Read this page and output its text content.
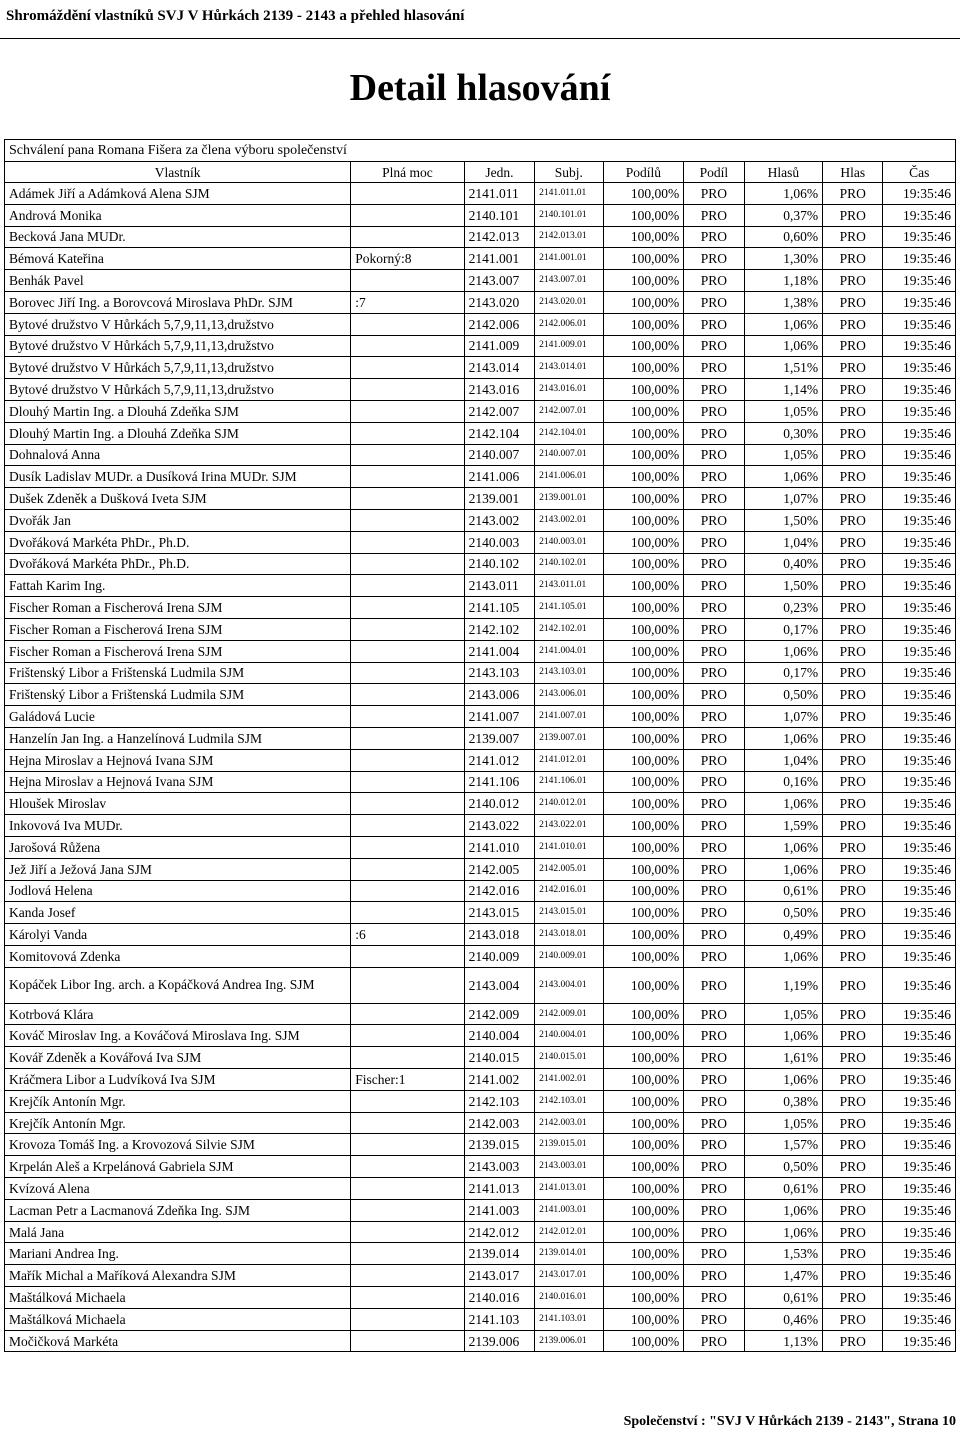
Shromáždění vlastníků SVJ V Hůrkách 2139 - 2143 a přehled hlasování
Detail hlasování
Schválení pana Romana Fišera za člena výboru společenství
Vlastník	Plná moc	Jedn.	Subj.	Podílů	Podíl	Hlasů	Hlas	Čas
Adámek Jiří a Adámková Alena SJM		2141.011	2141.011.01	100,00%	PRO	1,06%	PRO	19:35:46
Andrová Monika		2140.101	2140.101.01	100,00%	PRO	0,37%	PRO	19:35:46
Becková Jana MUDr.		2142.013	2142.013.01	100,00%	PRO	0,60%	PRO	19:35:46
Bémová Kateřina	Pokorný:8	2141.001	2141.001.01	100,00%	PRO	1,30%	PRO	19:35:46
Benhák Pavel		2143.007	2143.007.01	100,00%	PRO	1,18%	PRO	19:35:46
Borovec Jiří Ing. a Borovcová Miroslava PhDr. SJM	:7	2143.020	2143.020.01	100,00%	PRO	1,38%	PRO	19:35:46
Bytové družstvo V Hůrkách 5,7,9,11,13,družstvo		2142.006	2142.006.01	100,00%	PRO	1,06%	PRO	19:35:46
Bytové družstvo V Hůrkách 5,7,9,11,13,družstvo		2141.009	2141.009.01	100,00%	PRO	1,06%	PRO	19:35:46
Bytové družstvo V Hůrkách 5,7,9,11,13,družstvo		2143.014	2143.014.01	100,00%	PRO	1,51%	PRO	19:35:46
Bytové družstvo V Hůrkách 5,7,9,11,13,družstvo		2143.016	2143.016.01	100,00%	PRO	1,14%	PRO	19:35:46
Dlouhý Martin Ing. a Dlouhá Zdeňka SJM		2142.007	2142.007.01	100,00%	PRO	1,05%	PRO	19:35:46
Dlouhý Martin Ing. a Dlouhá Zdeňka SJM		2142.104	2142.104.01	100,00%	PRO	0,30%	PRO	19:35:46
Dohnalová Anna		2140.007	2140.007.01	100,00%	PRO	1,05%	PRO	19:35:46
Dusík Ladislav MUDr. a Dusíková Irina MUDr. SJM		2141.006	2141.006.01	100,00%	PRO	1,06%	PRO	19:35:46
Dušek Zdeněk a Dušková Iveta SJM		2139.001	2139.001.01	100,00%	PRO	1,07%	PRO	19:35:46
Dvořák Jan		2143.002	2143.002.01	100,00%	PRO	1,50%	PRO	19:35:46
Dvořáková Markéta PhDr., Ph.D.		2140.003	2140.003.01	100,00%	PRO	1,04%	PRO	19:35:46
Dvořáková Markéta PhDr., Ph.D.		2140.102	2140.102.01	100,00%	PRO	0,40%	PRO	19:35:46
Fattah Karim Ing.		2143.011	2143.011.01	100,00%	PRO	1,50%	PRO	19:35:46
Fischer Roman a Fischerová Irena SJM		2141.105	2141.105.01	100,00%	PRO	0,23%	PRO	19:35:46
Fischer Roman a Fischerová Irena SJM		2142.102	2142.102.01	100,00%	PRO	0,17%	PRO	19:35:46
Fischer Roman a Fischerová Irena SJM		2141.004	2141.004.01	100,00%	PRO	1,06%	PRO	19:35:46
Frištenský Libor a Frištenská Ludmila SJM		2143.103	2143.103.01	100,00%	PRO	0,17%	PRO	19:35:46
Frištenský Libor a Frištenská Ludmila SJM		2143.006	2143.006.01	100,00%	PRO	0,50%	PRO	19:35:46
Galádová Lucie		2141.007	2141.007.01	100,00%	PRO	1,07%	PRO	19:35:46
Hanzelín Jan Ing. a Hanzelínová Ludmila SJM		2139.007	2139.007.01	100,00%	PRO	1,06%	PRO	19:35:46
Hejna Miroslav a Hejnová Ivana SJM		2141.012	2141.012.01	100,00%	PRO	1,04%	PRO	19:35:46
Hejna Miroslav a Hejnová Ivana SJM		2141.106	2141.106.01	100,00%	PRO	0,16%	PRO	19:35:46
Hloušek Miroslav		2140.012	2140.012.01	100,00%	PRO	1,06%	PRO	19:35:46
Inkovová Iva MUDr.		2143.022	2143.022.01	100,00%	PRO	1,59%	PRO	19:35:46
Jarošová Růžena		2141.010	2141.010.01	100,00%	PRO	1,06%	PRO	19:35:46
Jež Jiří a Ježová Jana SJM		2142.005	2142.005.01	100,00%	PRO	1,06%	PRO	19:35:46
Jodlová Helena		2142.016	2142.016.01	100,00%	PRO	0,61%	PRO	19:35:46
Kanda Josef		2143.015	2143.015.01	100,00%	PRO	0,50%	PRO	19:35:46
Károlyi Vanda	:6	2143.018	2143.018.01	100,00%	PRO	0,49%	PRO	19:35:46
Komitovová Zdenka		2140.009	2140.009.01	100,00%	PRO	1,06%	PRO	19:35:46
Kopáček Libor Ing. arch. a Kopáčková Andrea Ing. SJM		2143.004	2143.004.01	100,00%	PRO	1,19%	PRO	19:35:46
Kotrbová Klára		2142.009	2142.009.01	100,00%	PRO	1,05%	PRO	19:35:46
Kováč Miroslav Ing. a Kováčová Miroslava Ing. SJM		2140.004	2140.004.01	100,00%	PRO	1,06%	PRO	19:35:46
Kovář Zdeněk a Kovářová Iva SJM		2140.015	2140.015.01	100,00%	PRO	1,61%	PRO	19:35:46
Kráčmera Libor a Ludvíková Iva SJM	Fischer:1	2141.002	2141.002.01	100,00%	PRO	1,06%	PRO	19:35:46
Krejčík Antonín Mgr.		2142.103	2142.103.01	100,00%	PRO	0,38%	PRO	19:35:46
Krejčík Antonín Mgr.		2142.003	2142.003.01	100,00%	PRO	1,05%	PRO	19:35:46
Krovoza Tomáš Ing. a Krovozová Silvie SJM		2139.015	2139.015.01	100,00%	PRO	1,57%	PRO	19:35:46
Krpelán Aleš a Krpelánová Gabriela SJM		2143.003	2143.003.01	100,00%	PRO	0,50%	PRO	19:35:46
Kvízová Alena		2141.013	2141.013.01	100,00%	PRO	0,61%	PRO	19:35:46
Lacman Petr a Lacmanová Zdeňka Ing. SJM		2141.003	2141.003.01	100,00%	PRO	1,06%	PRO	19:35:46
Malá Jana		2142.012	2142.012.01	100,00%	PRO	1,06%	PRO	19:35:46
Mariani Andrea Ing.		2139.014	2139.014.01	100,00%	PRO	1,53%	PRO	19:35:46
Mařík Michal a Maříková Alexandra SJM		2143.017	2143.017.01	100,00%	PRO	1,47%	PRO	19:35:46
Maštálková Michaela		2140.016	2140.016.01	100,00%	PRO	0,61%	PRO	19:35:46
Maštálková Michaela		2141.103	2141.103.01	100,00%	PRO	0,46%	PRO	19:35:46
Močičková Markéta		2139.006	2139.006.01	100,00%	PRO	1,13%	PRO	19:35:46
Společenství : "SVJ V Hůrkách 2139 - 2143", Strana 10
